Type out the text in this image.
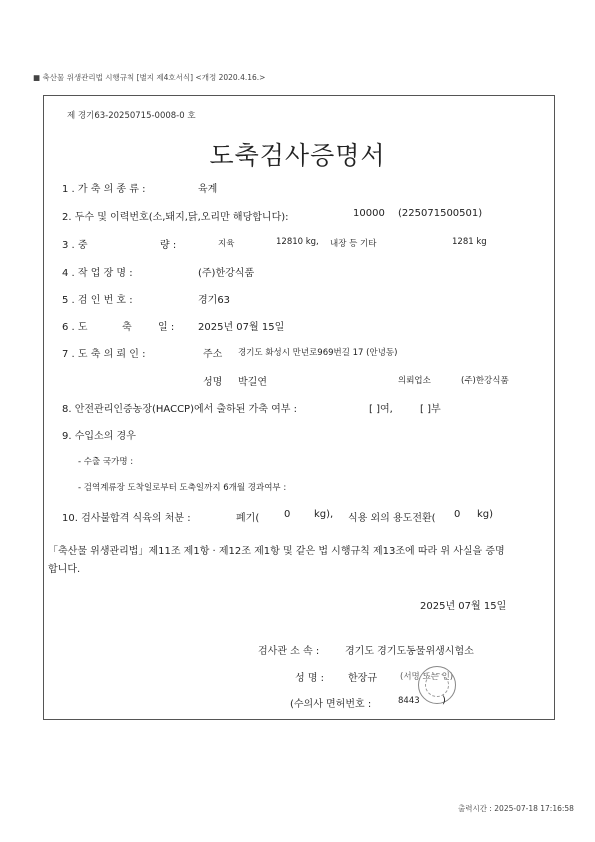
■ 축산물 위생관리법 시행규칙 [별지 제4호서식] <개정 2020.4.16.>
제 경기63-20250715-0008-0 호
도축검사증명서
1 . 가 축 의 종 류 :	육계
2. 두수 및 이력번호(소,돼지,닭,오리만 해당합니다):	10000 (225071500501)
3 . 중	량 :	지육	12810 kg, 내장 등 기타	1281 kg
4 . 작 업 장 명 :	(주)한강식품
5 . 검 인 번 호 :	경기63
6 . 도	축	일 : 2025년 07월 15일
7 . 도 축 의 뢰 인 :	주소 경기도 화성시 만년로969번길 17 (안녕동)
성명 박길연	의뢰업소	(주)한강식품
8. 안전관리인증농장(HACCP)에서 출하된 가축 여부 :	[ ]여,	[ ]부
9. 수입소의 경우
- 수출 국가명 :
- 검역계류장 도착일로부터 도축일까지 6개월 경과여부 :
10. 검사불합격 식육의 처분 :	폐기( 0 kg), 식용 외의 용도전환( 0 kg)
「축산물 위생관리법」제11조 제1항 · 제12조 제1항 및 같은 법 시행규칙 제13조에 따라 위 사실을 증명
합니다.
2025년 07월 15일
검사관 소 속 :	경기도 경기도동물위생시험소
성 명 : 한장규	(서명 또는 인)
(수의사 면허번호 :	8443 )
출력시간 : 2025-07-18 17:16:58
